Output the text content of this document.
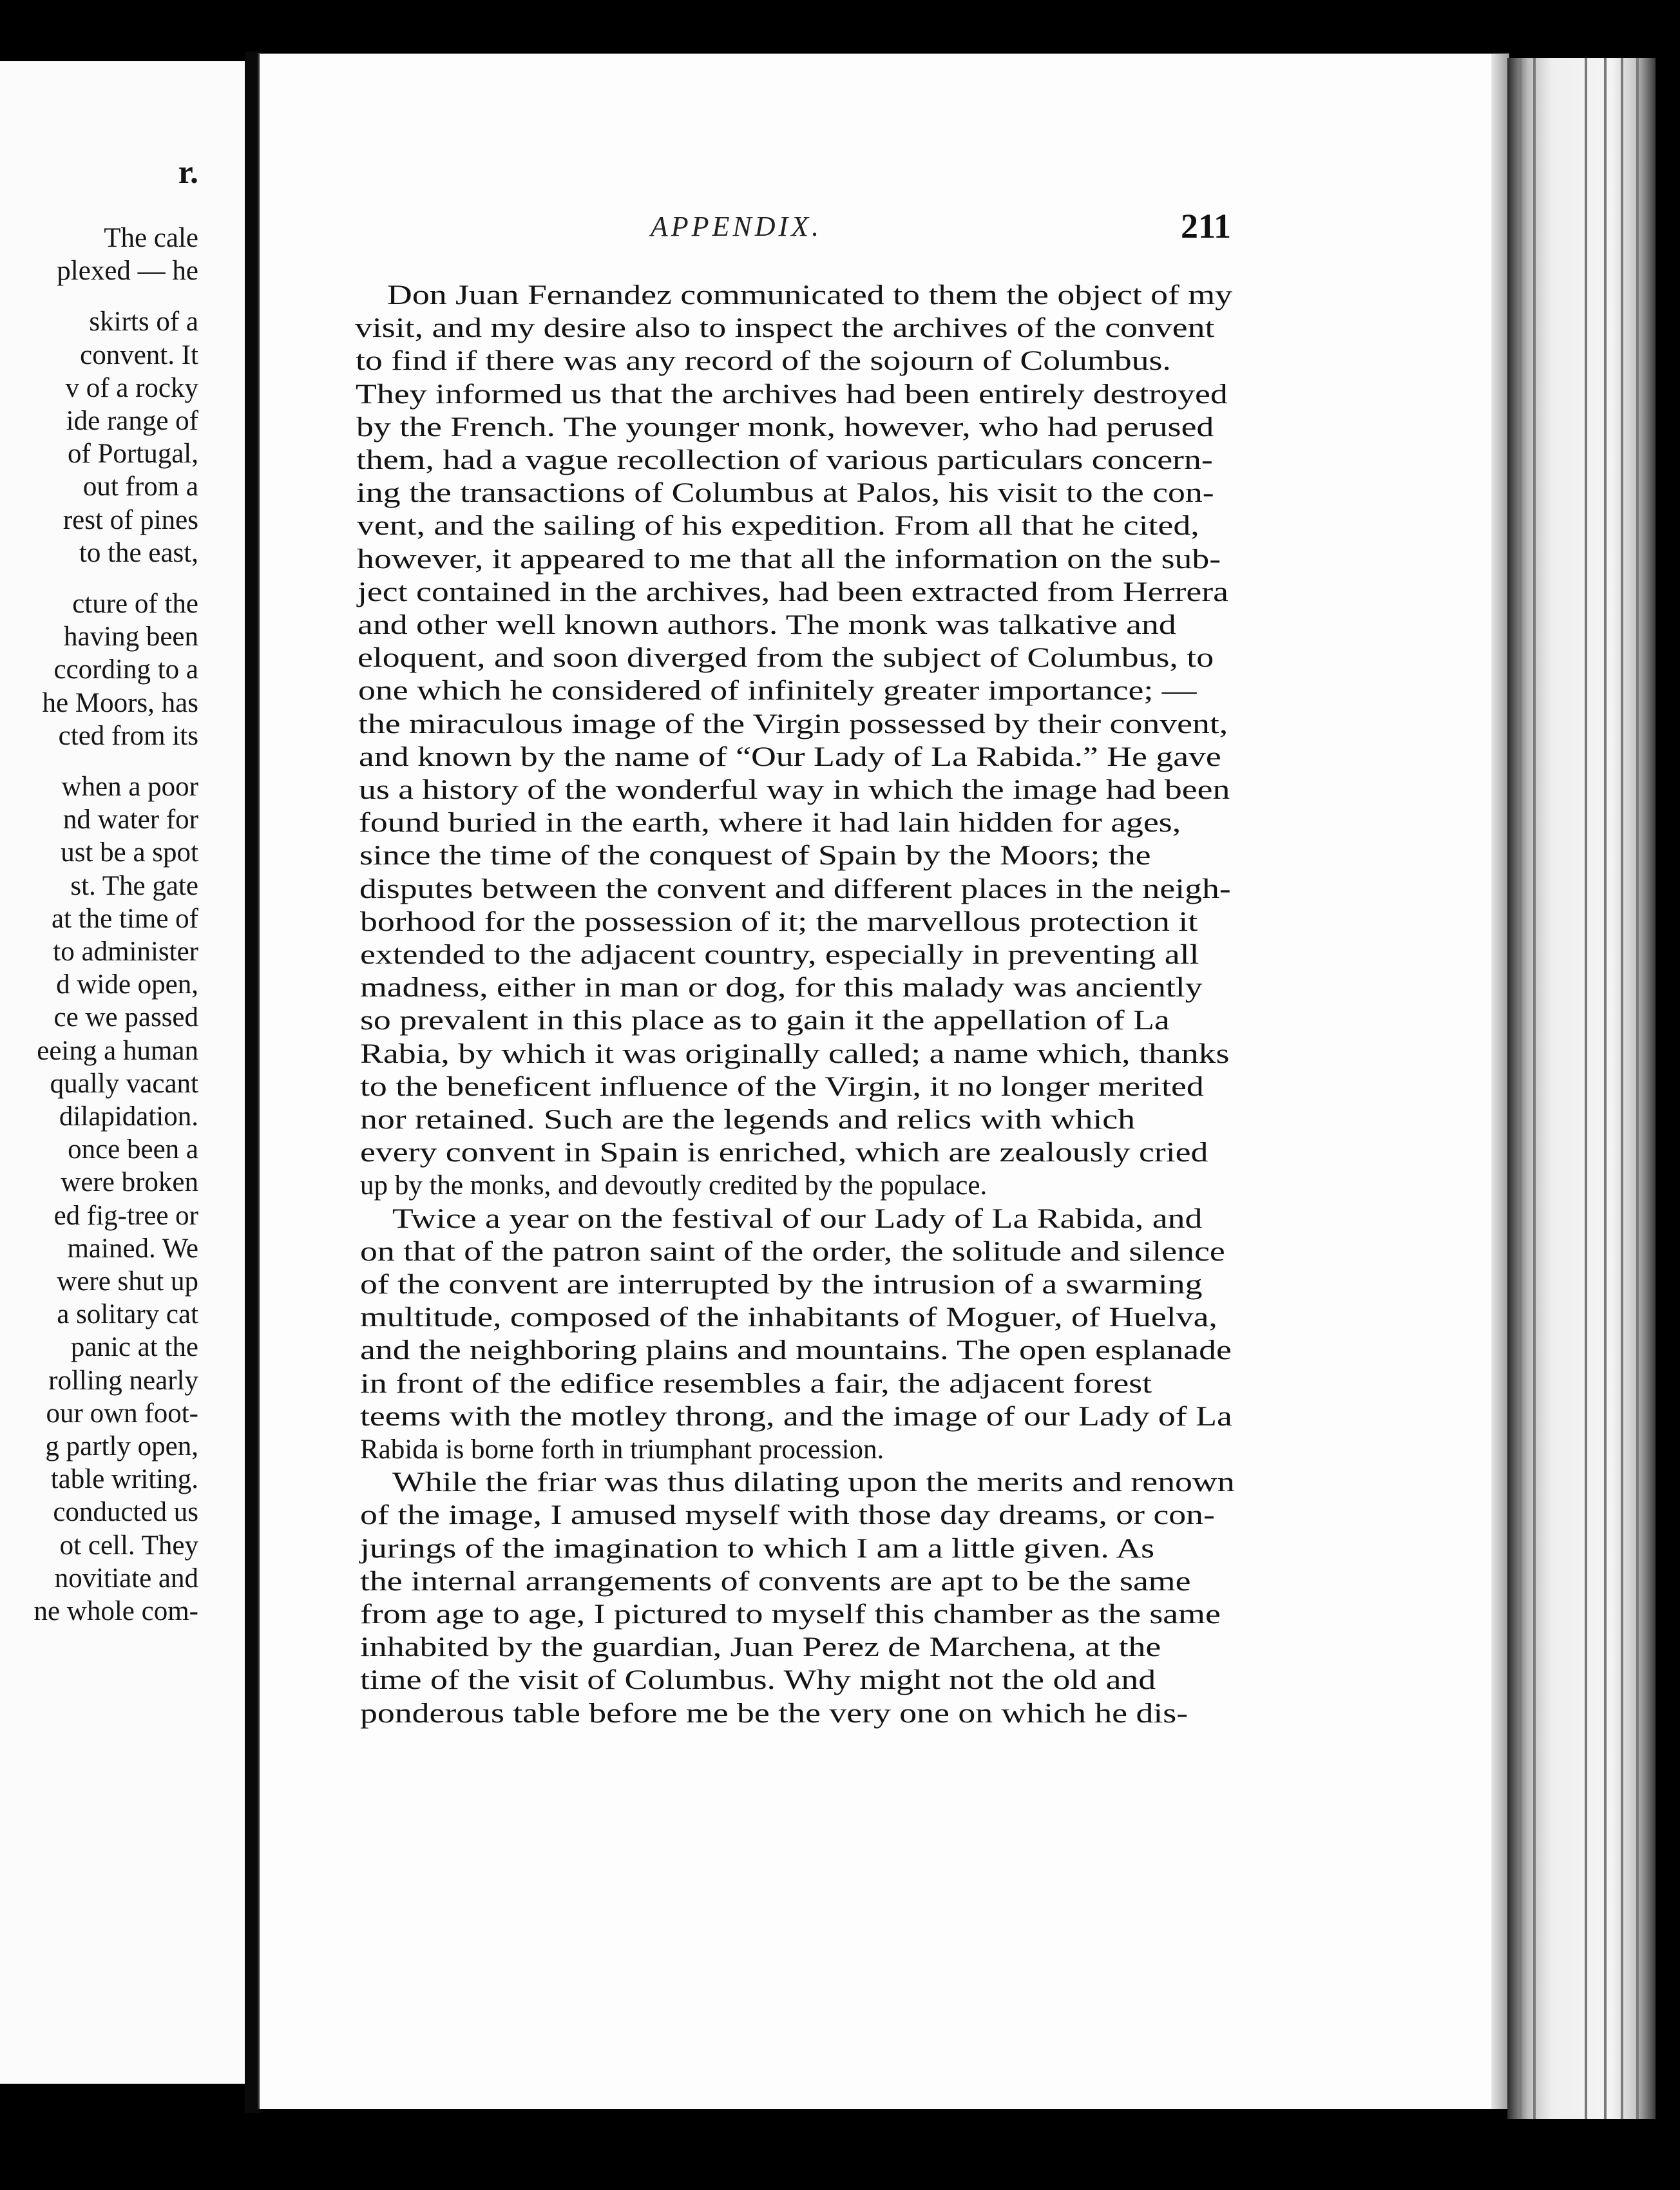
r.
The cale
plexed — he
skirts of a
convent. It
v of a rocky
ide range of
of Portugal,
out from a
rest of pines
to the east,
cture of the
having been
ccording to a
he Moors, has
cted from its
when a poor
nd water for
ust be a spot
st. The gate
at the time of
to administer
d wide open,
ce we passed
eeing a human
qually vacant
dilapidation.
once been a
were broken
ed fig-tree or
mained. We
were shut up
a solitary cat
panic at the
rolling nearly
our own foot-
g partly open,
table writing.
conducted us
ot cell. They
novitiate and
ne whole com-
APPENDIX.	211
Don Juan Fernandez communicated to them the object of my
visit, and my desire also to inspect the archives of the convent
to find if there was any record of the sojourn of Columbus.
They informed us that the archives had been entirely destroyed
by the French. The younger monk, however, who had perused
them, had a vague recollection of various particulars concern-
ing the transactions of Columbus at Palos, his visit to the con-
vent, and the sailing of his expedition. From all that he cited,
however, it appeared to me that all the information on the sub-
ject contained in the archives, had been extracted from Herrera
and other well known authors. The monk was talkative and
eloquent, and soon diverged from the subject of Columbus, to
one which he considered of infinitely greater importance; —
the miraculous image of the Virgin possessed by their convent,
and known by the name of “Our Lady of La Rabida.” He gave
us a history of the wonderful way in which the image had been
found buried in the earth, where it had lain hidden for ages,
since the time of the conquest of Spain by the Moors; the
disputes between the convent and different places in the neigh-
borhood for the possession of it; the marvellous protection it
extended to the adjacent country, especially in preventing all
madness, either in man or dog, for this malady was anciently
so prevalent in this place as to gain it the appellation of La
Rabia, by which it was originally called; a name which, thanks
to the beneficent influence of the Virgin, it no longer merited
nor retained. Such are the legends and relics with which
every convent in Spain is enriched, which are zealously cried
up by the monks, and devoutly credited by the populace.
Twice a year on the festival of our Lady of La Rabida, and
on that of the patron saint of the order, the solitude and silence
of the convent are interrupted by the intrusion of a swarming
multitude, composed of the inhabitants of Moguer, of Huelva,
and the neighboring plains and mountains. The open esplanade
in front of the edifice resembles a fair, the adjacent forest
teems with the motley throng, and the image of our Lady of La
Rabida is borne forth in triumphant procession.
While the friar was thus dilating upon the merits and renown
of the image, I amused myself with those day dreams, or con-
jurings of the imagination to which I am a little given. As
the internal arrangements of convents are apt to be the same
from age to age, I pictured to myself this chamber as the same
inhabited by the guardian, Juan Perez de Marchena, at the
time of the visit of Columbus. Why might not the old and
ponderous table before me be the very one on which he dis-
